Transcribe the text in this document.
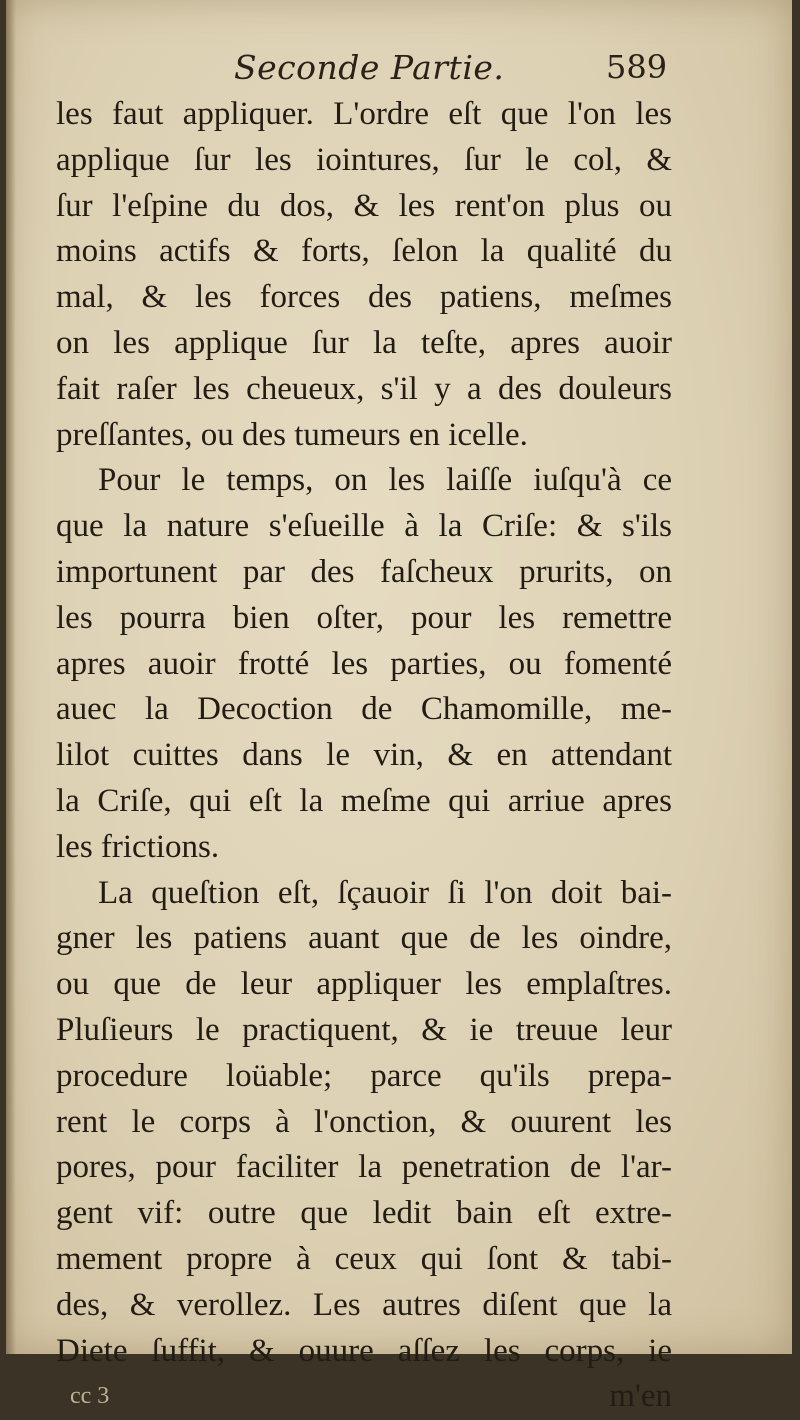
Seconde Partie.	589
les faut appliquer. L'ordre eſt que l'on les
applique ſur les iointures, ſur le col, &
ſur l'eſpine du dos, & les rent'on plus ou
moins actifs & forts, ſelon la qualité du
mal, & les forces des patiens, meſmes
on les applique ſur la teſte, apres auoir
fait raſer les cheueux, s'il y a des douleurs
preſſantes, ou des tumeurs en icelle.
Pour le temps, on les laiſſe iuſqu'à ce
que la nature s'eſueille à la Criſe: & s'ils
importunent par des faſcheux prurits, on
les pourra bien oſter, pour les remettre
apres auoir frotté les parties, ou fomenté
auec la Decoction de Chamomille, me-
lilot cuittes dans le vin, & en attendant
la Criſe, qui eſt la meſme qui arriue apres
les frictions.
La queſtion eſt, ſçauoir ſi l'on doit bai-
gner les patiens auant que de les oindre,
ou que de leur appliquer les emplaſtres.
Pluſieurs le practiquent, & ie treuue leur
procedure loüable; parce qu'ils prepa-
rent le corps à l'onction, & ouurent les
pores, pour faciliter la penetration de l'ar-
gent vif: outre que ledit bain eſt extre-
mement propre à ceux qui ſont & tabi-
des, & verollez. Les autres diſent que la
Diete ſuffit, & ouure aſſez les corps, ie
cc 3	m'en
